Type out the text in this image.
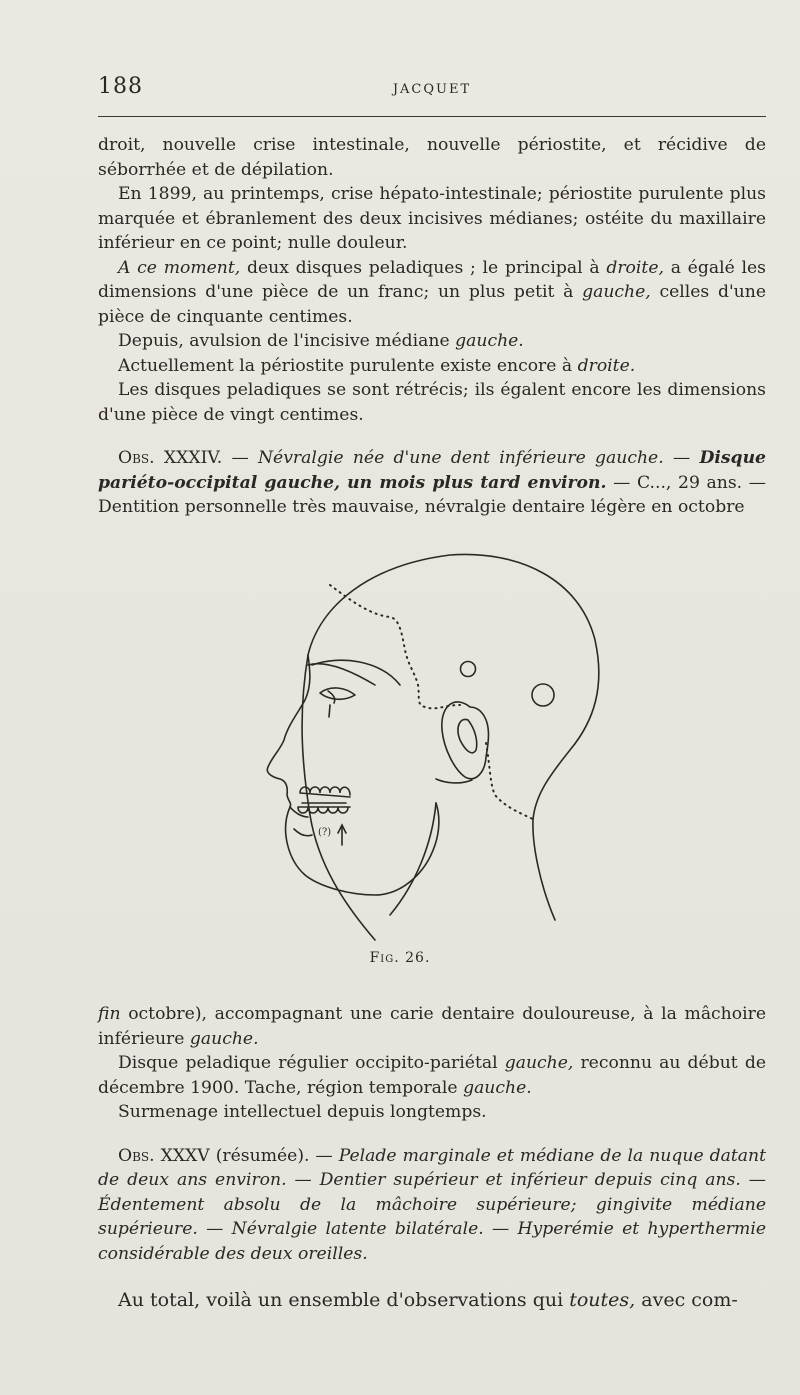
188	JACQUET

droit, nouvelle crise intestinale, nouvelle périostite, et récidive de séborrhée et de dépilation.

En 1899, au printemps, crise hépato-intestinale; périostite purulente plus marquée et ébranlement des deux incisives médianes; ostéite du maxillaire inférieur en ce point; nulle douleur.

A ce moment, deux disques peladiques ; le principal à droite, a égalé les dimensions d'une pièce de un franc; un plus petit à gauche, celles d'une pièce de cinquante centimes.

Depuis, avulsion de l'incisive médiane gauche.

Actuellement la périostite purulente existe encore à droite.

Les disques peladiques se sont rétrécis; ils égalent encore les dimensions d'une pièce de vingt centimes.

Obs. XXXIV. — Névralgie née d'une dent inférieure gauche. — Disque pariéto-occipital gauche, un mois plus tard environ. — C..., 29 ans. — Dentition personnelle très mauvaise, névralgie dentaire légère en octobre

(?)
Fig. 26.

fin octobre), accompagnant une carie dentaire douloureuse, à la mâchoire inférieure gauche.

Disque peladique régulier occipito-pariétal gauche, reconnu au début de décembre 1900. Tache, région temporale gauche.

Surmenage intellectuel depuis longtemps.

Obs. XXXV (résumée). — Pelade marginale et médiane de la nuque datant de deux ans environ. — Dentier supérieur et inférieur depuis cinq ans. — Édentement absolu de la mâchoire supérieure; gingivite médiane supérieure. — Névralgie latente bilatérale. — Hyperémie et hyperthermie considérable des deux oreilles.

Au total, voilà un ensemble d'observations qui toutes, avec com-
